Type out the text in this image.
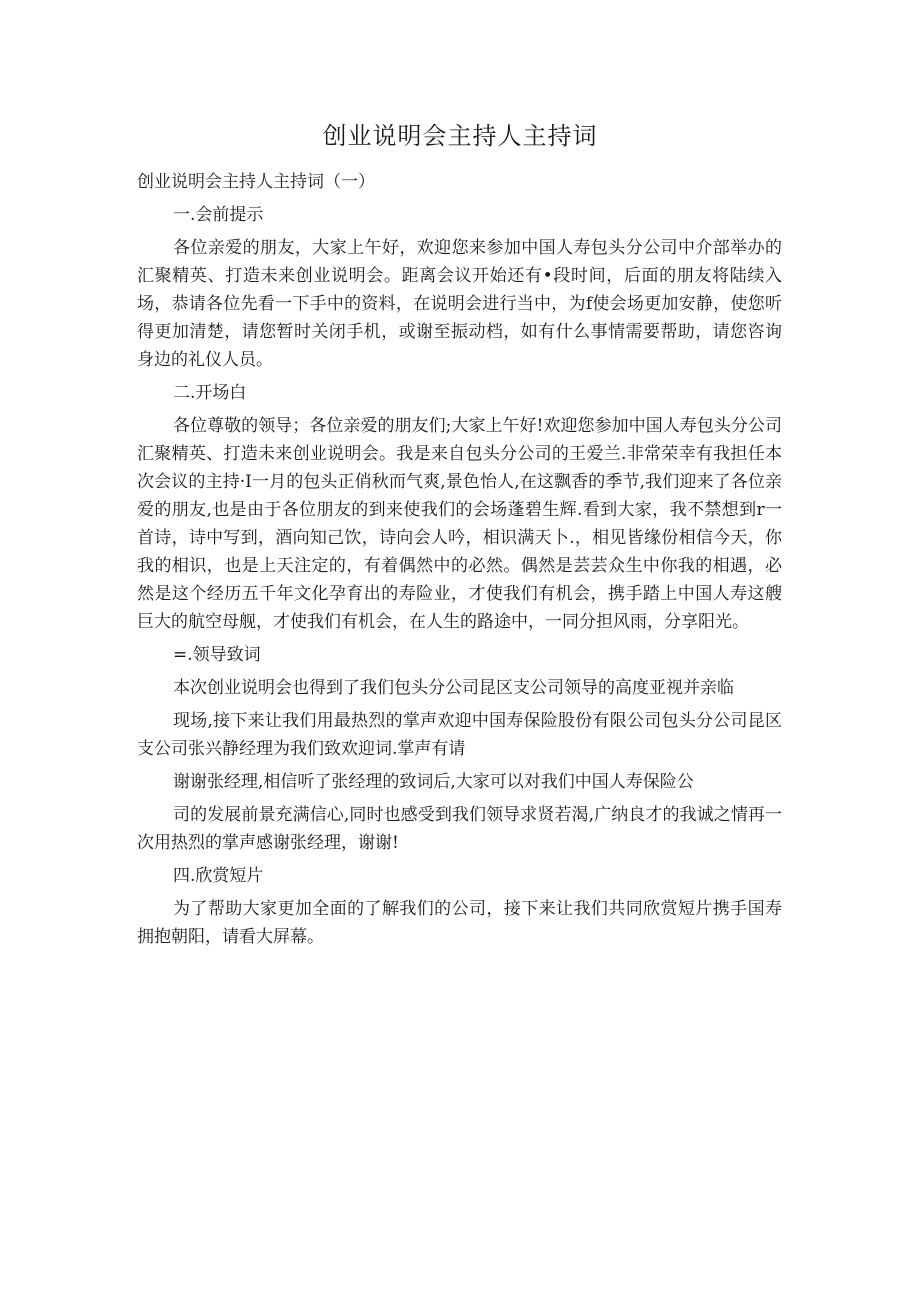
创业说明会主持人主持词

创业说明会主持人主持词（一）

一.会前提示

各位亲爱的朋友，大家上午好，欢迎您来参加中国人寿包头分公司中介部举办的汇聚精英、打造未来创业说明会。距离会议开始还有•段时间，后面的朋友将陆续入场，恭请各位先看一下手中的资料，在说明会进行当中，为f使会场更加安静，使您听得更加清楚，请您暂时关闭手机，或谢至振动档，如有什么事情需要帮助，请您咨询身边的礼仪人员。

二.开场白

各位尊敬的领导；各位亲爱的朋友们;大家上午好!欢迎您参加中国人寿包头分公司汇聚精英、打造未来创业说明会。我是来自包头分公司的王爱兰.非常荣幸有我担任本次会议的主持·I一月的包头正俏秋而气爽,景色怡人,在这飘香的季节,我们迎来了各位亲爱的朋友,也是由于各位朋友的到来使我们的会场蓬碧生辉.看到大家，我不禁想到r一首诗，诗中写到，酒向知己饮，诗向会人吟，相识满天卜.，相见皆缘份相信今天，你我的相识，也是上天注定的，有着偶然中的必然。偶然是芸芸众生中你我的相遇，必然是这个经历五千年文化孕育出的寿险业，才使我们有机会，携手踏上中国人寿这艘巨大的航空母舰，才使我们有机会，在人生的路途中，一同分担风雨，分享阳光。

=.领导致词

本次创业说明会也得到了我们包头分公司昆区支公司领导的高度亚视并亲临

现场,接下来让我们用最热烈的掌声欢迎中国寿保险股份有限公司包头分公司昆区支公司张兴静经理为我们致欢迎词.掌声有请

谢谢张经理,相信听了张经理的致词后,大家可以对我们中国人寿保险公

司的发展前景充满信心,同时也感受到我们领导求贤若渴,广纳良才的我诚之情再一次用热烈的掌声感谢张经理，谢谢!

四.欣赏短片

为了帮助大家更加全面的了解我们的公司，接下来让我们共同欣赏短片携手国寿拥抱朝阳，请看大屏幕。
